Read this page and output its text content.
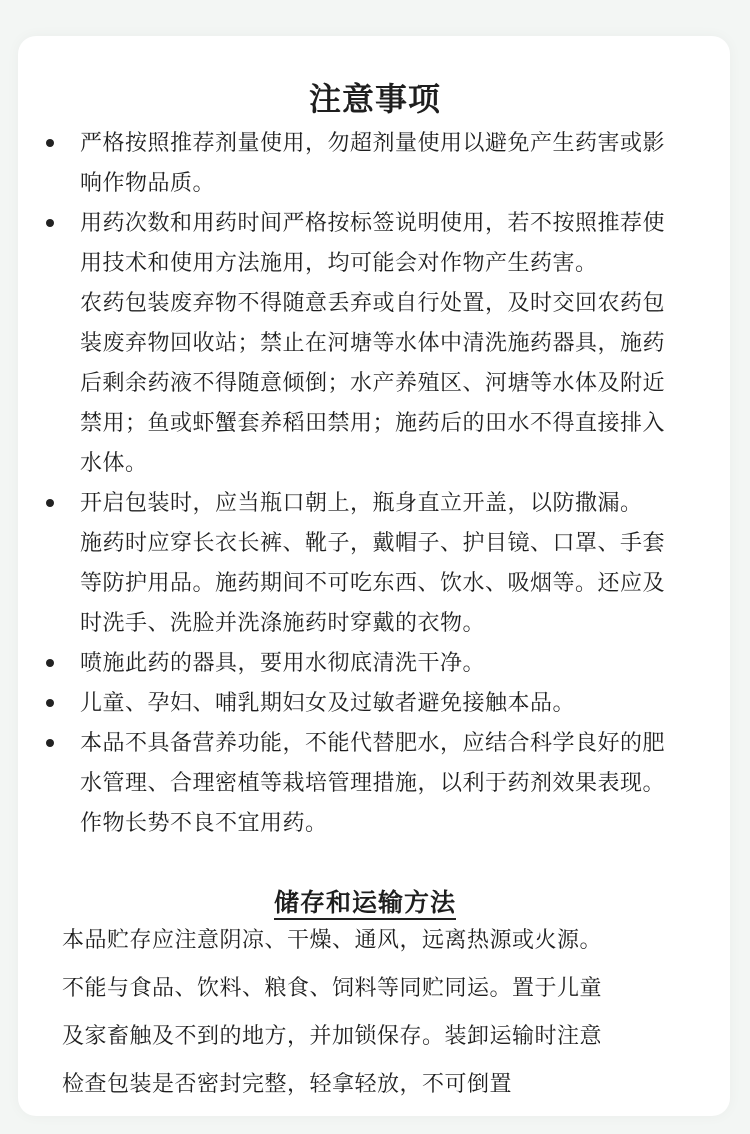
注意事项

严格按照推荐剂量使用，勿超剂量使用以避免产生药害或影

响作物品质。

用药次数和用药时间严格按标签说明使用，若不按照推荐使

用技术和使用方法施用，均可能会对作物产生药害。

农药包装废弃物不得随意丢弃或自行处置，及时交回农药包

装废弃物回收站；禁止在河塘等水体中清洗施药器具，施药

后剩余药液不得随意倾倒；水产养殖区、河塘等水体及附近

禁用；鱼或虾蟹套养稻田禁用；施药后的田水不得直接排入

水体。

开启包装时，应当瓶口朝上，瓶身直立开盖，以防撒漏。

施药时应穿长衣长裤、靴子，戴帽子、护目镜、口罩、手套

等防护用品。施药期间不可吃东西、饮水、吸烟等。还应及

时洗手、洗脸并洗涤施药时穿戴的衣物。

喷施此药的器具，要用水彻底清洗干净。

儿童、孕妇、哺乳期妇女及过敏者避免接触本品。

本品不具备营养功能，不能代替肥水，应结合科学良好的肥

水管理、合理密植等栽培管理措施，以利于药剂效果表现。

作物长势不良不宜用药。

储存和运输方法

本品贮存应注意阴凉、干燥、通风，远离热源或火源。

不能与食品、饮料、粮食、饲料等同贮同运。置于儿童

及家畜触及不到的地方，并加锁保存。装卸运输时注意

检查包装是否密封完整，轻拿轻放，不可倒置
